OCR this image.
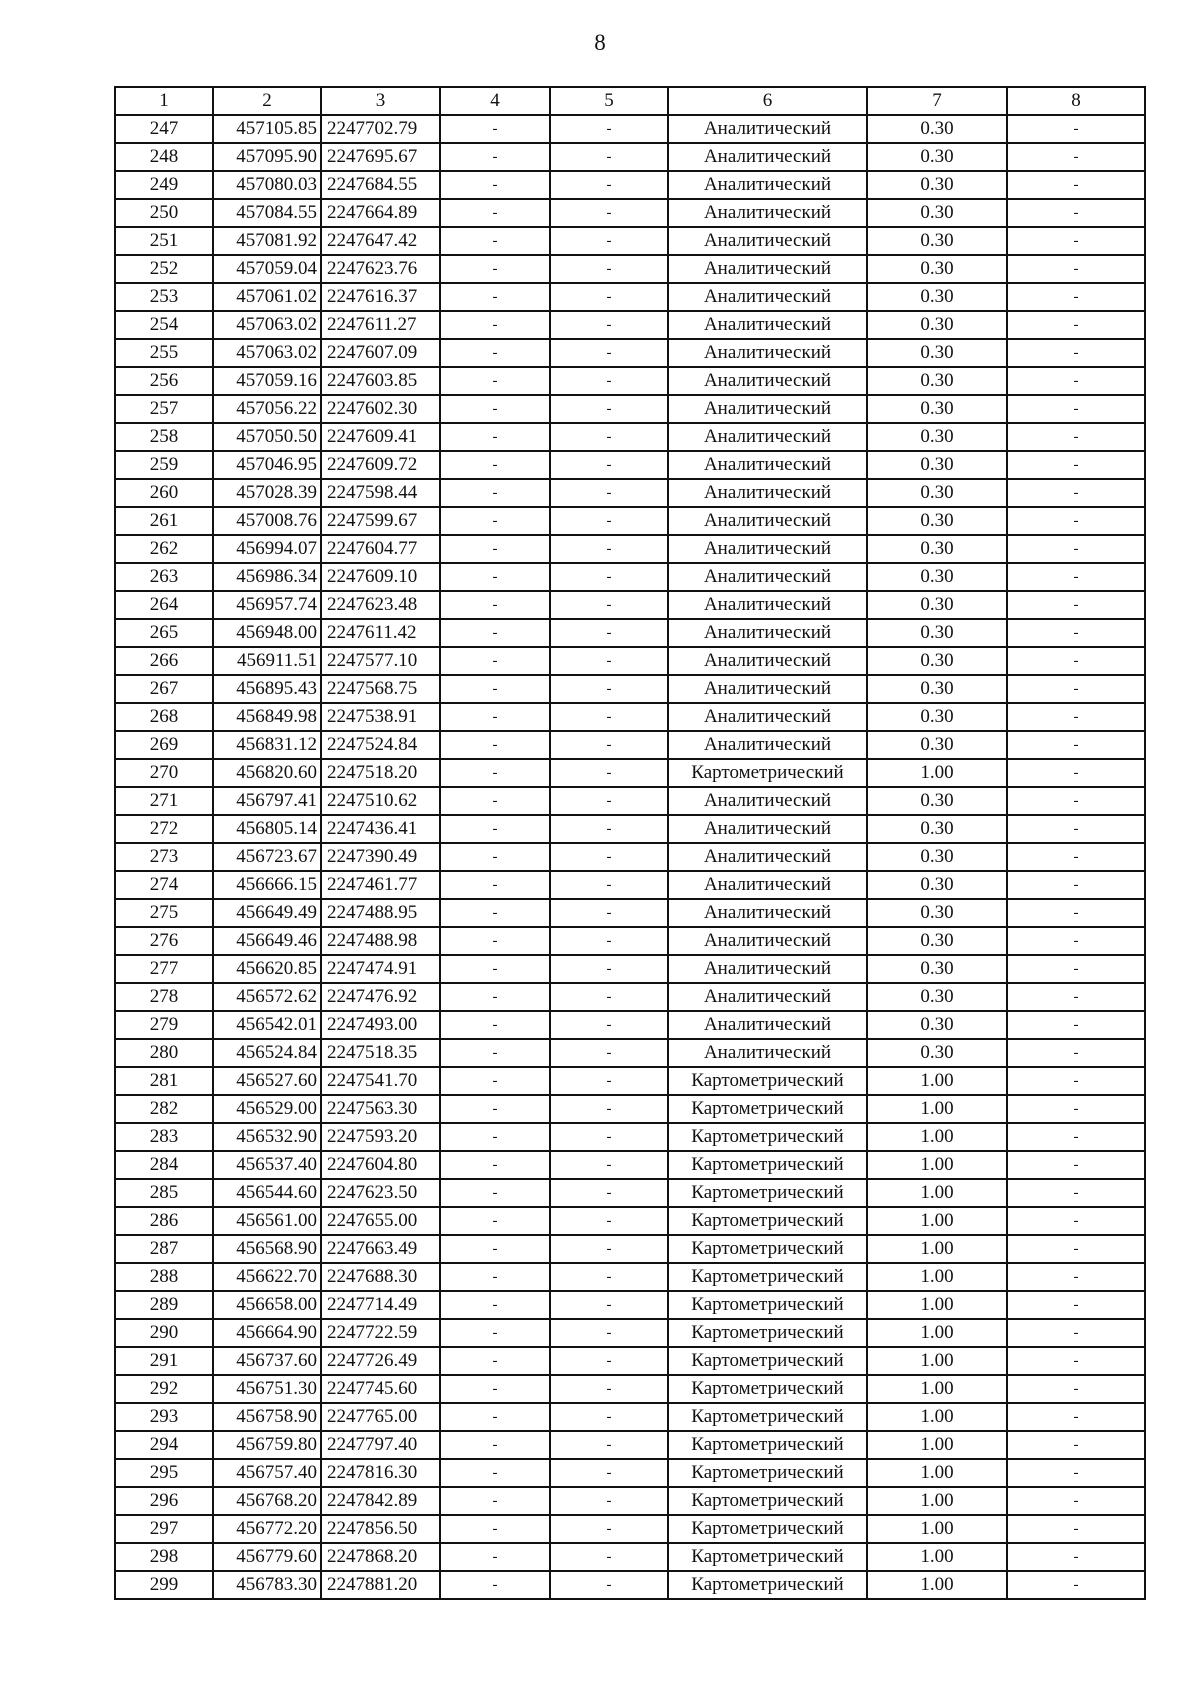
8
1	2	3	4	5	6	7	8
247	457105.85	2247702.79	-	-	Аналитический	0.30	-
248	457095.90	2247695.67	-	-	Аналитический	0.30	-
249	457080.03	2247684.55	-	-	Аналитический	0.30	-
250	457084.55	2247664.89	-	-	Аналитический	0.30	-
251	457081.92	2247647.42	-	-	Аналитический	0.30	-
252	457059.04	2247623.76	-	-	Аналитический	0.30	-
253	457061.02	2247616.37	-	-	Аналитический	0.30	-
254	457063.02	2247611.27	-	-	Аналитический	0.30	-
255	457063.02	2247607.09	-	-	Аналитический	0.30	-
256	457059.16	2247603.85	-	-	Аналитический	0.30	-
257	457056.22	2247602.30	-	-	Аналитический	0.30	-
258	457050.50	2247609.41	-	-	Аналитический	0.30	-
259	457046.95	2247609.72	-	-	Аналитический	0.30	-
260	457028.39	2247598.44	-	-	Аналитический	0.30	-
261	457008.76	2247599.67	-	-	Аналитический	0.30	-
262	456994.07	2247604.77	-	-	Аналитический	0.30	-
263	456986.34	2247609.10	-	-	Аналитический	0.30	-
264	456957.74	2247623.48	-	-	Аналитический	0.30	-
265	456948.00	2247611.42	-	-	Аналитический	0.30	-
266	456911.51	2247577.10	-	-	Аналитический	0.30	-
267	456895.43	2247568.75	-	-	Аналитический	0.30	-
268	456849.98	2247538.91	-	-	Аналитический	0.30	-
269	456831.12	2247524.84	-	-	Аналитический	0.30	-
270	456820.60	2247518.20	-	-	Картометрический	1.00	-
271	456797.41	2247510.62	-	-	Аналитический	0.30	-
272	456805.14	2247436.41	-	-	Аналитический	0.30	-
273	456723.67	2247390.49	-	-	Аналитический	0.30	-
274	456666.15	2247461.77	-	-	Аналитический	0.30	-
275	456649.49	2247488.95	-	-	Аналитический	0.30	-
276	456649.46	2247488.98	-	-	Аналитический	0.30	-
277	456620.85	2247474.91	-	-	Аналитический	0.30	-
278	456572.62	2247476.92	-	-	Аналитический	0.30	-
279	456542.01	2247493.00	-	-	Аналитический	0.30	-
280	456524.84	2247518.35	-	-	Аналитический	0.30	-
281	456527.60	2247541.70	-	-	Картометрический	1.00	-
282	456529.00	2247563.30	-	-	Картометрический	1.00	-
283	456532.90	2247593.20	-	-	Картометрический	1.00	-
284	456537.40	2247604.80	-	-	Картометрический	1.00	-
285	456544.60	2247623.50	-	-	Картометрический	1.00	-
286	456561.00	2247655.00	-	-	Картометрический	1.00	-
287	456568.90	2247663.49	-	-	Картометрический	1.00	-
288	456622.70	2247688.30	-	-	Картометрический	1.00	-
289	456658.00	2247714.49	-	-	Картометрический	1.00	-
290	456664.90	2247722.59	-	-	Картометрический	1.00	-
291	456737.60	2247726.49	-	-	Картометрический	1.00	-
292	456751.30	2247745.60	-	-	Картометрический	1.00	-
293	456758.90	2247765.00	-	-	Картометрический	1.00	-
294	456759.80	2247797.40	-	-	Картометрический	1.00	-
295	456757.40	2247816.30	-	-	Картометрический	1.00	-
296	456768.20	2247842.89	-	-	Картометрический	1.00	-
297	456772.20	2247856.50	-	-	Картометрический	1.00	-
298	456779.60	2247868.20	-	-	Картометрический	1.00	-
299	456783.30	2247881.20	-	-	Картометрический	1.00	-
